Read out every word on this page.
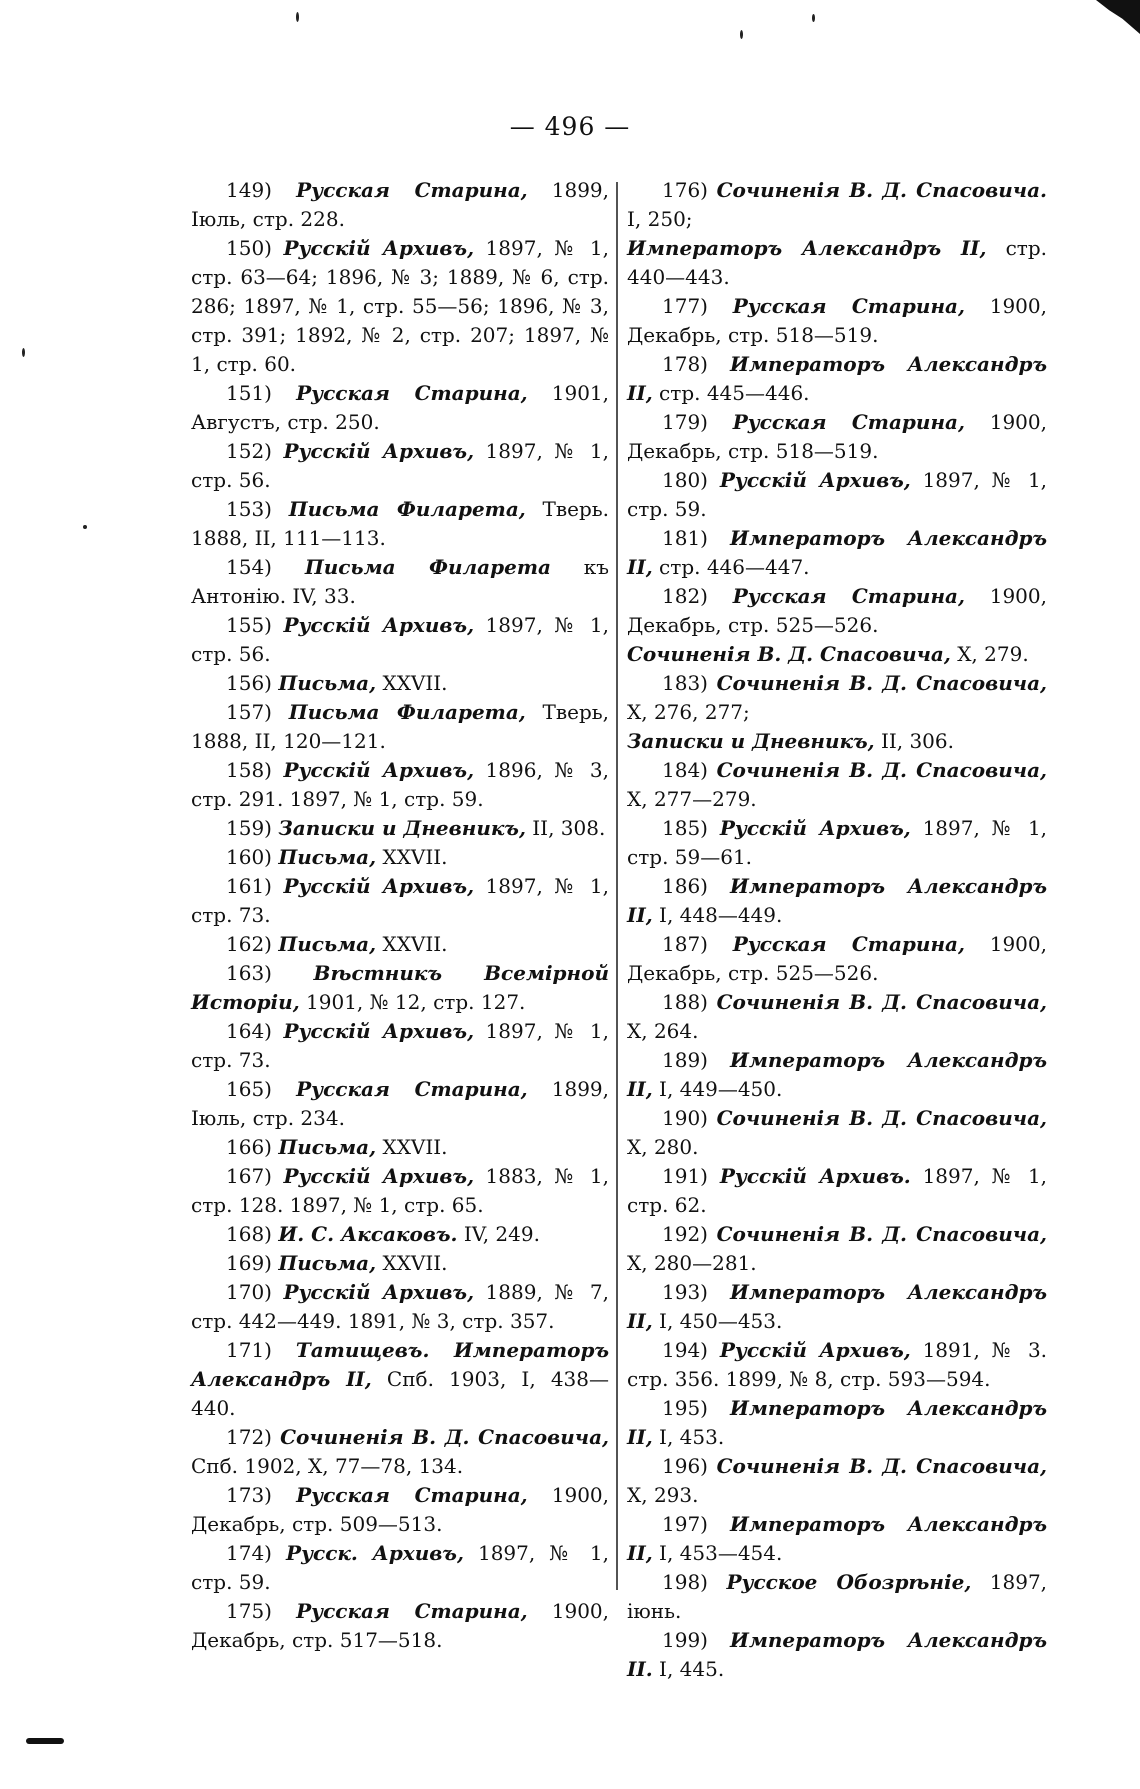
— 496 —

149) Русская Старина, 1899, Іюль, стр. 228.

150) Русскій Архивъ, 1897, № 1, стр. 63—64; 1896, № 3; 1889, № 6, стр. 286; 1897, № 1, стр. 55—56; 1896, № 3, стр. 391; 1892, № 2, стр. 207; 1897, № 1, стр. 60.

151) Русская Старина, 1901, Августъ, стр. 250.

152) Русскій Архивъ, 1897, № 1, стр. 56.

153) Письма Филарета, Тверь. 1888, II, 111—113.

154) Письма Филарета къ Антонію. IV, 33.

155) Русскій Архивъ, 1897, № 1, стр. 56.

156) Письма, XXVII.

157) Письма Филарета, Тверь, 1888, II, 120—121.

158) Русскій Архивъ, 1896, № 3, стр. 291. 1897, № 1, стр. 59.

159) Записки и Дневникъ, II, 308.

160) Письма, XXVII.

161) Русскій Архивъ, 1897, № 1, стр. 73.

162) Письма, XXVII.

163) Вѣстникъ Всемірной Исторіи, 1901, № 12, стр. 127.

164) Русскій Архивъ, 1897, № 1, стр. 73.

165) Русская Старина, 1899, Іюль, стр. 234.

166) Письма, XXVII.

167) Русскій Архивъ, 1883, № 1, стр. 128. 1897, № 1, стр. 65.

168) И. С. Аксаковъ. IV, 249.

169) Письма, XXVII.

170) Русскій Архивъ, 1889, № 7, стр. 442—449. 1891, № 3, стр. 357.

171) Татищевъ. Императоръ Александръ II, Спб. 1903, I, 438—440.

172) Сочиненія В. Д. Спасовича, Спб. 1902, X, 77—78, 134.

173) Русская Старина, 1900, Декабрь, стр. 509—513.

174) Русск. Архивъ, 1897, № 1, стр. 59.

175) Русская Старина, 1900, Декабрь, стр. 517—518.

176) Сочиненія В. Д. Спасовича. I, 250;

Императоръ Александръ II, стр. 440—443.

177) Русская Старина, 1900, Декабрь, стр. 518—519.

178) Императоръ Александръ II, стр. 445—446.

179) Русская Старина, 1900, Декабрь, стр. 518—519.

180) Русскій Архивъ, 1897, № 1, стр. 59.

181) Императоръ Александръ II, стр. 446—447.

182) Русская Старина, 1900, Декабрь, стр. 525—526.

Сочиненія В. Д. Спасовича, X, 279.

183) Сочиненія В. Д. Спасовича, X, 276, 277;

Записки и Дневникъ, II, 306.

184) Сочиненія В. Д. Спасовича, X, 277—279.

185) Русскій Архивъ, 1897, № 1, стр. 59—61.

186) Императоръ Александръ II, I, 448—449.

187) Русская Старина, 1900, Декабрь, стр. 525—526.

188) Сочиненія В. Д. Спасовича, X, 264.

189) Императоръ Александръ II, I, 449—450.

190) Сочиненія В. Д. Спасовича, X, 280.

191) Русскій Архивъ. 1897, № 1, стр. 62.

192) Сочиненія В. Д. Спасовича, X, 280—281.

193) Императоръ Александръ II, I, 450—453.

194) Русскій Архивъ, 1891, № 3. стр. 356. 1899, № 8, стр. 593—594.

195) Императоръ Александръ II, I, 453.

196) Сочиненія В. Д. Спасовича, X, 293.

197) Императоръ Александръ II, I, 453—454.

198) Русское Обозрѣніе, 1897, іюнь.

199) Императоръ Александръ II. I, 445.
